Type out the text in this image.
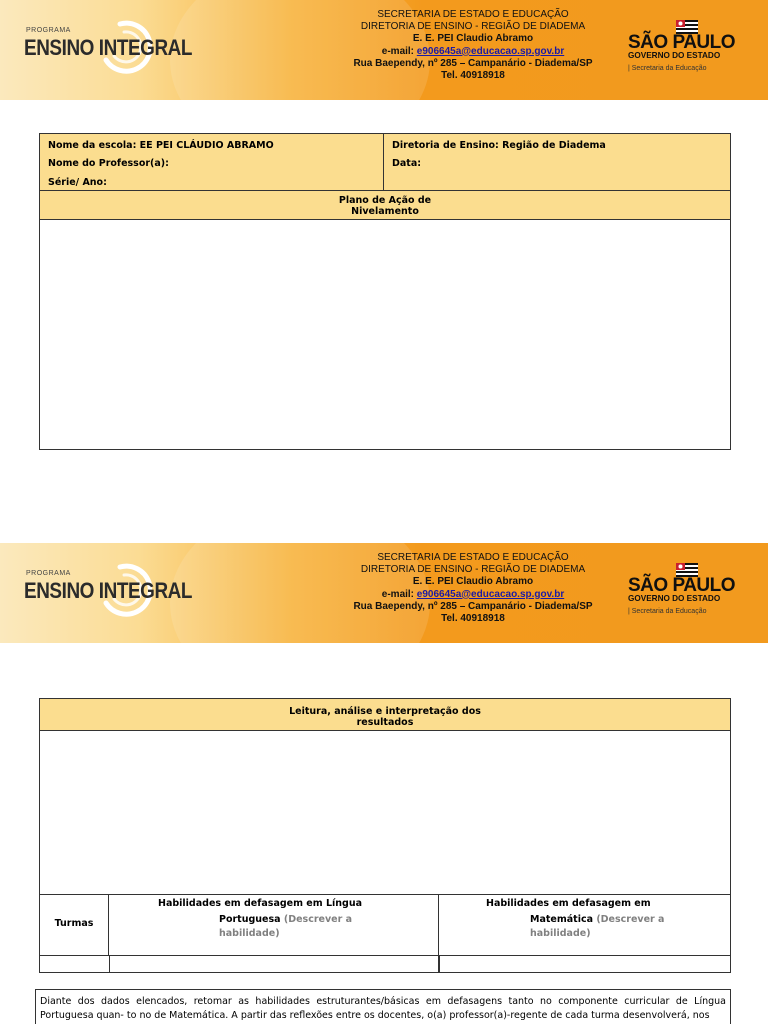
PROGRAMA
ENSINO INTEGRAL
SECRETARIA DE ESTADO E EDUCAÇÃO
DIRETORIA DE ENSINO - REGIÃO DE DIADEMA
E. E. PEI Claudio Abramo
e-mail: e906645a@educacao.sp.gov.br
Rua Baependy, nº 285 – Campanário - Diadema/SP
Tel. 40918918
SÃO PAULO
GOVERNO DO ESTADO
| Secretaria da Educação
Nome da escola: EE PEI CLÁUDIO ABRAMO
Nome do Professor(a):
Série/ Ano:
Diretoria de Ensino: Região de Diadema
Data:
Plano de Ação de
Nivelamento
PROGRAMA
ENSINO INTEGRAL
SECRETARIA DE ESTADO E EDUCAÇÃO
DIRETORIA DE ENSINO - REGIÃO DE DIADEMA
E. E. PEI Claudio Abramo
e-mail: e906645a@educacao.sp.gov.br
Rua Baependy, nº 285 – Campanário - Diadema/SP
Tel. 40918918
SÃO PAULO
GOVERNO DO ESTADO
| Secretaria da Educação
Leitura, análise e interpretação dos
resultados
Turmas
Habilidades em defasagem em Língua
Portuguesa (Descrever a
habilidade)
Habilidades em defasagem em
Matemática (Descrever a
habilidade)
Diante dos dados elencados, retomar as habilidades estruturantes/básicas em defasagens tanto no componente curricular de Língua Portuguesa quan- to no de Matemática. A partir das reflexões entre os docentes, o(a) professor(a)-regente de cada turma desenvolverá, nos
